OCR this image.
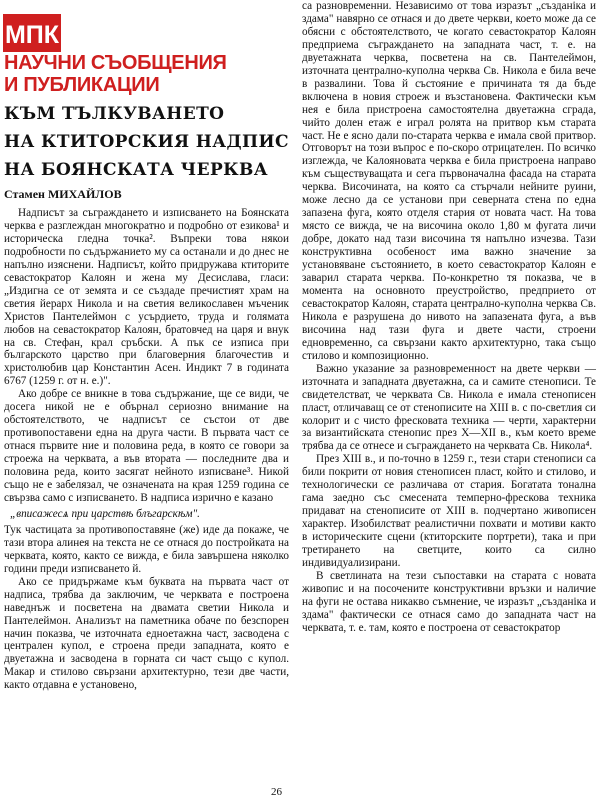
МПК
НАУЧНИ СЪОБЩЕНИЯ
И ПУБЛИКАЦИИ
КЪМ ТЪЛКУВАНЕТО
НА КТИТОРСКИЯ НАДПИС
НА БОЯНСКАТА ЧЕРКВА
Стамен МИХАЙЛОВ

Надписът за съграждането и изписването на Боянската черква е разглеждан многократно и подробно от езикова¹ и историческа гледна точка². Въпреки това някои подробности по съдържанието му са останали и до днес не напълно изяснени. Надписът, който придружава ктиторите севастократор Калоян и жена му Десислава, гласи: „Издигна се от земята и се създаде пречистият храм на светия йерарх Никола и на светия великославен мъченик Христов Пантелеймон с усърдието, труда и голямата любов на севастократор Калоян, братовчед на царя и внук на св. Стефан, крал сръбски. А пък се изписа при българското царство при благоверния благочестив и христолюбив цар Константин Асен. Индикт 7 в годината 6767 (1259 г. от н. е.)".

Ако добре се вникне в това съдържание, ще се види, че досега никой не е обърнал сериозно внимание на обстоятелството, че надписът се състои от две противопоставени една на друга части. В първата част се отнася първите ние и половина реда, в която се говори за строежа на черквата, а във втората — последните два и половина реда, които засягат нейното изписване³. Никой също не е забелязал, че означената на края 1259 година се свързва само с изписването. В надписа изрично е казано

„вписажесѧ при царствѣ блъгарскѣм".

Тук частицата за противопоставяне (же) иде да покаже, че тази втора алинея на текста не се отнася до постройката на черквата, която, както се вижда, е била завършена няколко години преди изписването й.

Ако се придържаме към буквата на първата част от надписа, трябва да заключим, че черквата е построена наведнъж и посветена на двамата светии Никола и Пантелеймон. Анализът на паметника обаче по безспорен начин показва, че източната едноетажна част, засводена с централен купол, е строена преди западната, която е двуетажна и засводена в горната си част също с купол. Макар и стилово свързани архитектурно, тези две части, както отдавна е установено,

са разновременни. Независимо от това изразът „създаніка и здама" навярно се отнася и до двете черкви, което може да се обясни с обстоятелството, че когато севастократор Калоян предприема съграждането на западната част, т. е. на двуетажната черква, посветена на св. Пантелеймон, източната централно-куполна черква Св. Никола е била вече в развалини. Това й състояние е причината тя да бъде включена в новия строеж и възстановена. Фактически към нея е била пристроена самостоятелна двуетажна сграда, чийто долен етаж е играл ролята на притвор към старата част. Не е ясно дали по-старата черква е имала свой притвор. Отговорът на този въпрос е по-скоро отрицателен. По всичко изглежда, че Калояновата черква е била пристроена направо към съществуващата и сега първоначална фасада на старата черква. Височината, на която са стърчали нейните руини, може лесно да се установи при северната стена по една запазена фуга, която отделя стария от новата част. На това място се вижда, че на височина около 1,80 м фугата личи добре, докато над тази височина тя напълно изчезва. Тази конструктивна особеност има важно значение за установяване състоянието, в което севастократор Калоян е заварил старата черква. По-конкретно тя показва, че в момента на основното преустройство, предприето от севастократор Калоян, старата централно-куполна черква Св. Никола е разрушена до нивото на запазената фуга, а във височина над тази фуга и двете части, строени едновременно, са свързани както архитектурно, така също стилово и композиционно.

Важно указание за разновременност на двете черкви — източната и западната двуетажна, са и самите стенописи. Те свидетелстват, че черквата Св. Никола е имала стенописен пласт, отличаващ се от стенописите на XIII в. с по-светлия си колорит и с чисто фресковата техника — черти, характерни за византийската стенопис през X—XII в., към което време трябва да се отнесе и съграждането на черквата Св. Никола⁴.

През XIII в., и по-точно в 1259 г., тези стари стенописи са били покрити от новия стенописен пласт, който и стилово, и технологически се различава от стария. Богатата тонална гама заедно със смесената темперно-фрескова техника придават на стенописите от XIII в. подчертано живописен характер. Изобилстват реалистични похвати и мотиви както в историческите сцени (ктиторските портрети), така и при третирането на светците, които са силно индивидуализирани.

В светлината на тези съпоставки на старата с новата живопис и на посочените конструктивни връзки и наличие на фуги не остава никакво съмнение, че изразът „създаніка и здама" фактически се отнася само до западната част на черквата, т. е. там, която е построена от севастократор

26
